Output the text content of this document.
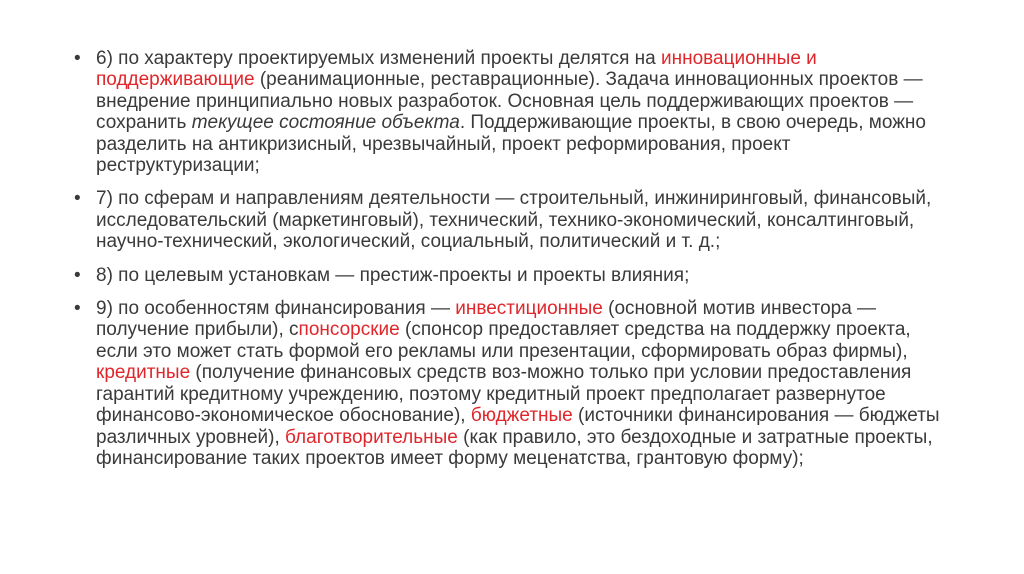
• 6) по характеру проектируемых изменений проекты делятся на инновационные и поддерживающие (реанимационные, реставрационные). Задача инновационных проектов — внедрение принципиально новых разработок. Основная цель поддерживающих проектов — сохранить текущее состояние объекта. Поддерживающие проекты, в свою очередь, можно разделить на антикризисный, чрезвычайный, проект реформирования, проект реструктуризации;
• 7) по сферам и направлениям деятельности — строительный, инжиниринговый, финансовый, исследовательский (маркетинговый), технический, технико-экономический, консалтинговый, научно-технический, экологический, социальный, политический и т. д.;
• 8) по целевым установкам — престиж-проекты и проекты влияния;
• 9) по особенностям финансирования — инвестиционные (основной мотив инвестора — получение прибыли), спонсорские (спонсор предоставляет средства на поддержку проекта, если это может стать формой его рекламы или презентации, сформировать образ фирмы), кредитные (получение финансовых средств воз-можно только при условии предоставления гарантий кредитному учреждению, поэтому кредитный проект предполагает развернутое финансово-экономическое обоснование), бюджетные (источники финансирования — бюджеты различных уровней), благотворительные (как правило, это бездоходные и затратные проекты, финансирование таких проектов имеет форму меценатства, грантовую форму);
